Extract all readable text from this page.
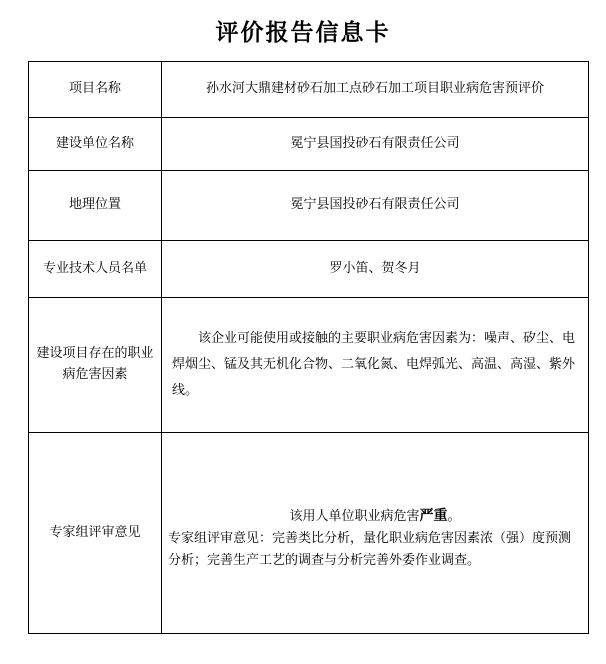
评价报告信息卡
项目名称	孙水河大鼎建材砂石加工点砂石加工项目职业病危害预评价
建设单位名称	冕宁县国投砂石有限责任公司
地理位置	冕宁县国投砂石有限责任公司
专业技术人员名单	罗小笛、贺冬月
建设项目存在的职业病危害因素	该企业可能使用或接触的主要职业病危害因素为：噪声、矽尘、电焊烟尘、锰及其无机化合物、二氧化氮、电焊弧光、高温、高湿、紫外线。

专家组评审意见	该用人单位职业病危害严重。
专家组评审意见：完善类比分析，量化职业病危害因素浓（强）度预测分析；完善生产工艺的调查与分析完善外委作业调查。
